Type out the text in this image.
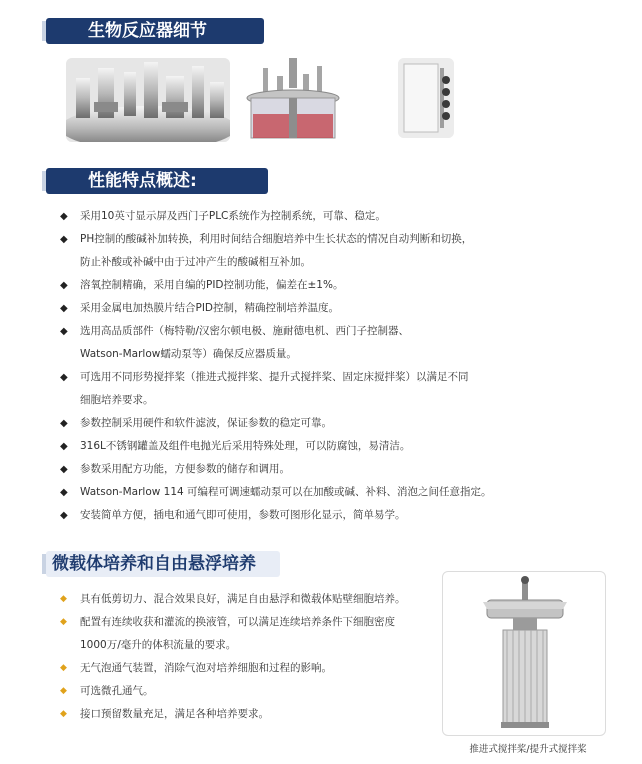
生物反应器细节
性能特点概述:
◆ 采用10英寸显示屏及西门子PLC系统作为控制系统，可靠、稳定。
◆ PH控制的酸碱补加转换，利用时间结合细胞培养中生长状态的情况自动判断和切换，
防止补酸或补碱中由于过冲产生的酸碱相互补加。
◆ 溶氧控制精确，采用自编的PID控制功能，偏差在±1%。
◆ 采用金属电加热膜片结合PID控制，精确控制培养温度。
◆ 选用高品质部件（梅特勒/汉密尔顿电极、施耐德电机、西门子控制器、
Watson-Marlow蠕动泵等）确保反应器质量。
◆ 可选用不同形势搅拌桨（推进式搅拌桨、提升式搅拌桨、固定床搅拌桨）以满足不同
细胞培养要求。
◆ 参数控制采用硬件和软件滤波，保证参数的稳定可靠。
◆ 316L不锈钢罐盖及组件电抛光后采用特殊处理，可以防腐蚀，易清洁。
◆ 参数采用配方功能，方便参数的储存和调用。
◆ Watson-Marlow 114 可编程可调速蠕动泵可以在加酸或碱、补料、消泡之间任意指定。
◆ 安装简单方便，插电和通气即可使用，参数可图形化显示，简单易学。
微载体培养和自由悬浮培养
◆ 具有低剪切力、混合效果良好，满足自由悬浮和微载体贴壁细胞培养。
◆ 配置有连续收获和灌流的换液管，可以满足连续培养条件下细胞密度
1000万/毫升的体积流量的要求。
◆ 无气泡通气装置，消除气泡对培养细胞和过程的影响。
◆ 可选微孔通气。
◆ 接口预留数量充足，满足各种培养要求。
推进式搅拌桨/提升式搅拌桨
